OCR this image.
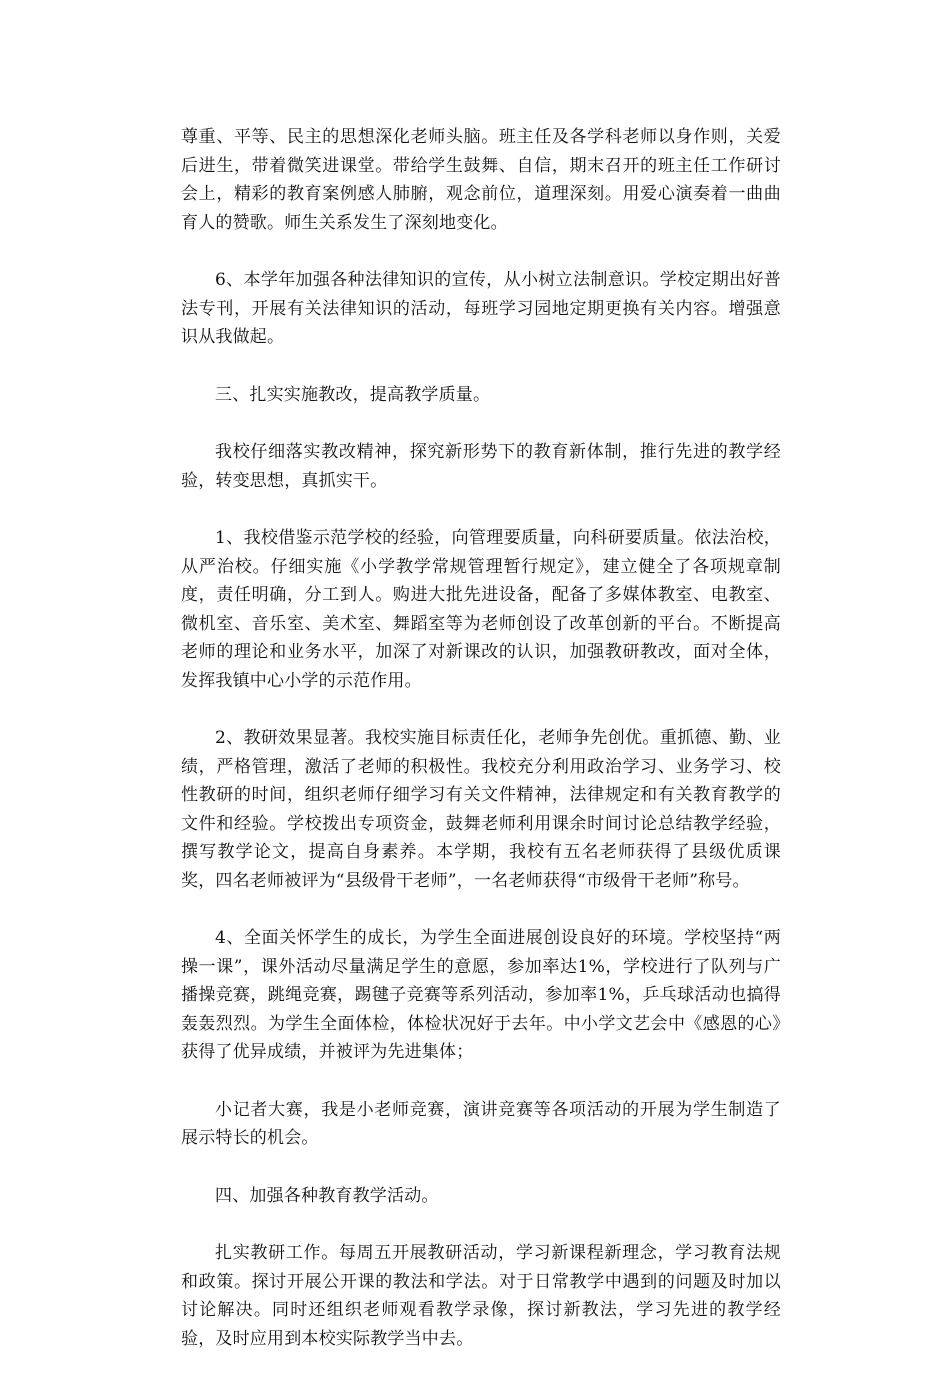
尊重、平等、民主的思想深化老师头脑。班主任及各学科老师以身作则，关爱后进生，带着微笑进课堂。带给学生鼓舞、自信，期末召开的班主任工作研讨会上，精彩的教育案例感人肺腑，观念前位，道理深刻。用爱心演奏着一曲曲育人的赞歌。师生关系发生了深刻地变化。

6、本学年加强各种法律知识的宣传，从小树立法制意识。学校定期出好普法专刊，开展有关法律知识的活动，每班学习园地定期更换有关内容。增强意识从我做起。

三、扎实实施教改，提高教学质量。

我校仔细落实教改精神，探究新形势下的教育新体制，推行先进的教学经验，转变思想，真抓实干。

1、我校借鉴示范学校的经验，向管理要质量，向科研要质量。依法治校，从严治校。仔细实施《小学教学常规管理暂行规定》，建立健全了各项规章制度，责任明确，分工到人。购进大批先进设备，配备了多媒体教室、电教室、微机室、音乐室、美术室、舞蹈室等为老师创设了改革创新的平台。不断提高老师的理论和业务水平，加深了对新课改的认识，加强教研教改，面对全体，发挥我镇中心小学的示范作用。

2、教研效果显著。我校实施目标责任化，老师争先创优。重抓德、勤、业绩，严格管理，激活了老师的积极性。我校充分利用政治学习、业务学习、校性教研的时间，组织老师仔细学习有关文件精神，法律规定和有关教育教学的文件和经验。学校拨出专项资金，鼓舞老师利用课余时间讨论总结教学经验，撰写教学论文，提高自身素养。本学期，我校有五名老师获得了县级优质课奖，四名老师被评为“县级骨干老师”，一名老师获得“市级骨干老师”称号。

4、全面关怀学生的成长，为学生全面进展创设良好的环境。学校坚持“两操一课”，课外活动尽量满足学生的意愿，参加率达1%，学校进行了队列与广播操竞赛，跳绳竞赛，踢毽子竞赛等系列活动，参加率1%，乒乓球活动也搞得轰轰烈烈。为学生全面体检，体检状况好于去年。中小学文艺会中《感恩的心》获得了优异成绩，并被评为先进集体；

小记者大赛，我是小老师竞赛，演讲竞赛等各项活动的开展为学生制造了展示特长的机会。

四、加强各种教育教学活动。

扎实教研工作。每周五开展教研活动，学习新课程新理念，学习教育法规和政策。探讨开展公开课的教法和学法。对于日常教学中遇到的问题及时加以讨论解决。同时还组织老师观看教学录像，探讨新教法，学习先进的教学经验，及时应用到本校实际教学当中去。
